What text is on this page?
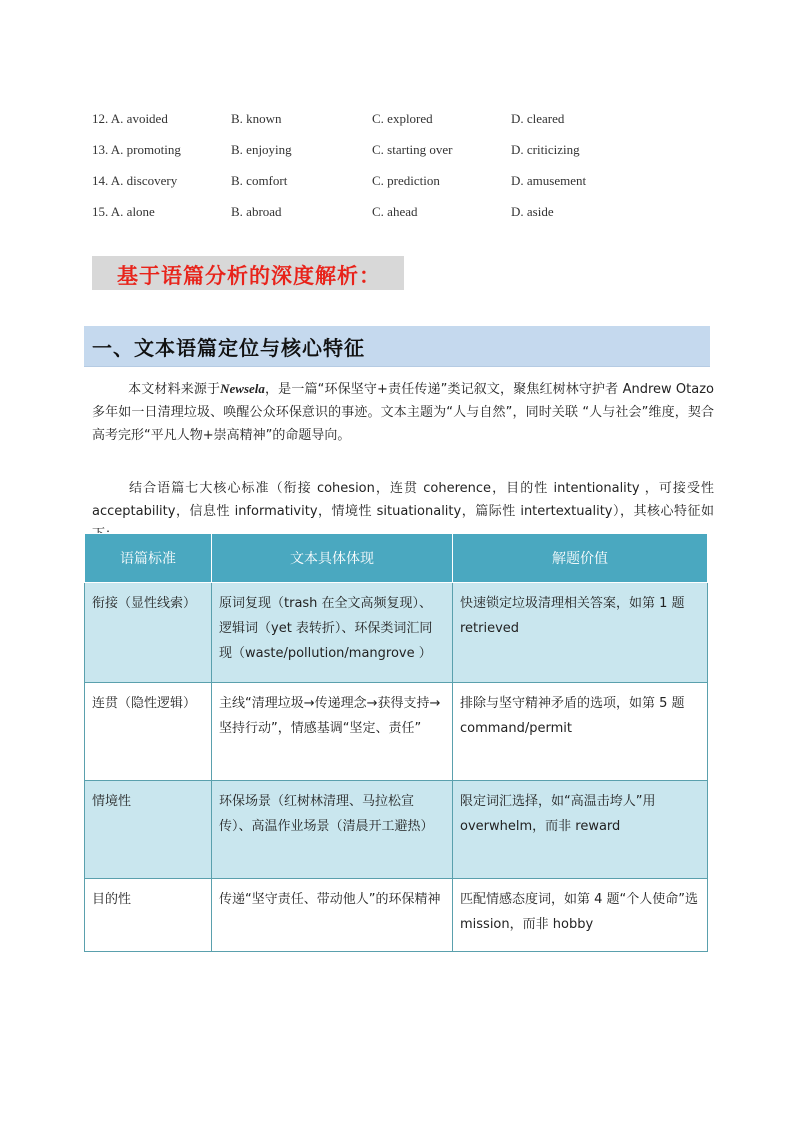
12. A. avoided	B. known	C. explored	D. cleared
13. A. promoting	B. enjoying	C. starting over	D. criticizing
14. A. discovery	B. comfort	C. prediction	D. amusement
15. A. alone	B. abroad	C. ahead	D. aside
基于语篇分析的深度解析：
一、文本语篇定位与核心特征
本文材料来源于Newsela，是一篇“环保坚守+责任传递”类记叙文，聚焦红树林守护者 Andrew Otazo 多年如一日清理垃圾、唤醒公众环保意识的事迹。文本主题为“人与自然”，同时关联 “人与社会”维度，契合高考完形“平凡人物+崇高精神”的命题导向。
结合语篇七大核心标准（衔接 cohesion，连贯 coherence，目的性 intentionality ，可接受性 acceptability，信息性 informativity，情境性 situationality，篇际性 intertextuality），其核心特征如
语篇标准	文本具体体现	解题价值
衔接（显性线索）	原词复现（trash 在全文高频复现）、逻辑词（yet 表转折）、环保类词汇同现（waste/pollution/mangrove ）	快速锁定垃圾清理相关答案，如第 1 题 retrieved
连贯（隐性逻辑）	主线“清理垃圾→传递理念→获得支持→坚持行动”，情感基调“坚定、责任”	排除与坚守精神矛盾的选项，如第 5 题 command/permit
情境性	环保场景（红树林清理、马拉松宣传）、高温作业场景（清晨开工避热）	限定词汇选择，如“高温击垮人”用 overwhelm，而非 reward
目的性	传递“坚守责任、带动他人”的环保精神	匹配情感态度词，如第 4 题“个人使命”选 mission，而非 hobby
